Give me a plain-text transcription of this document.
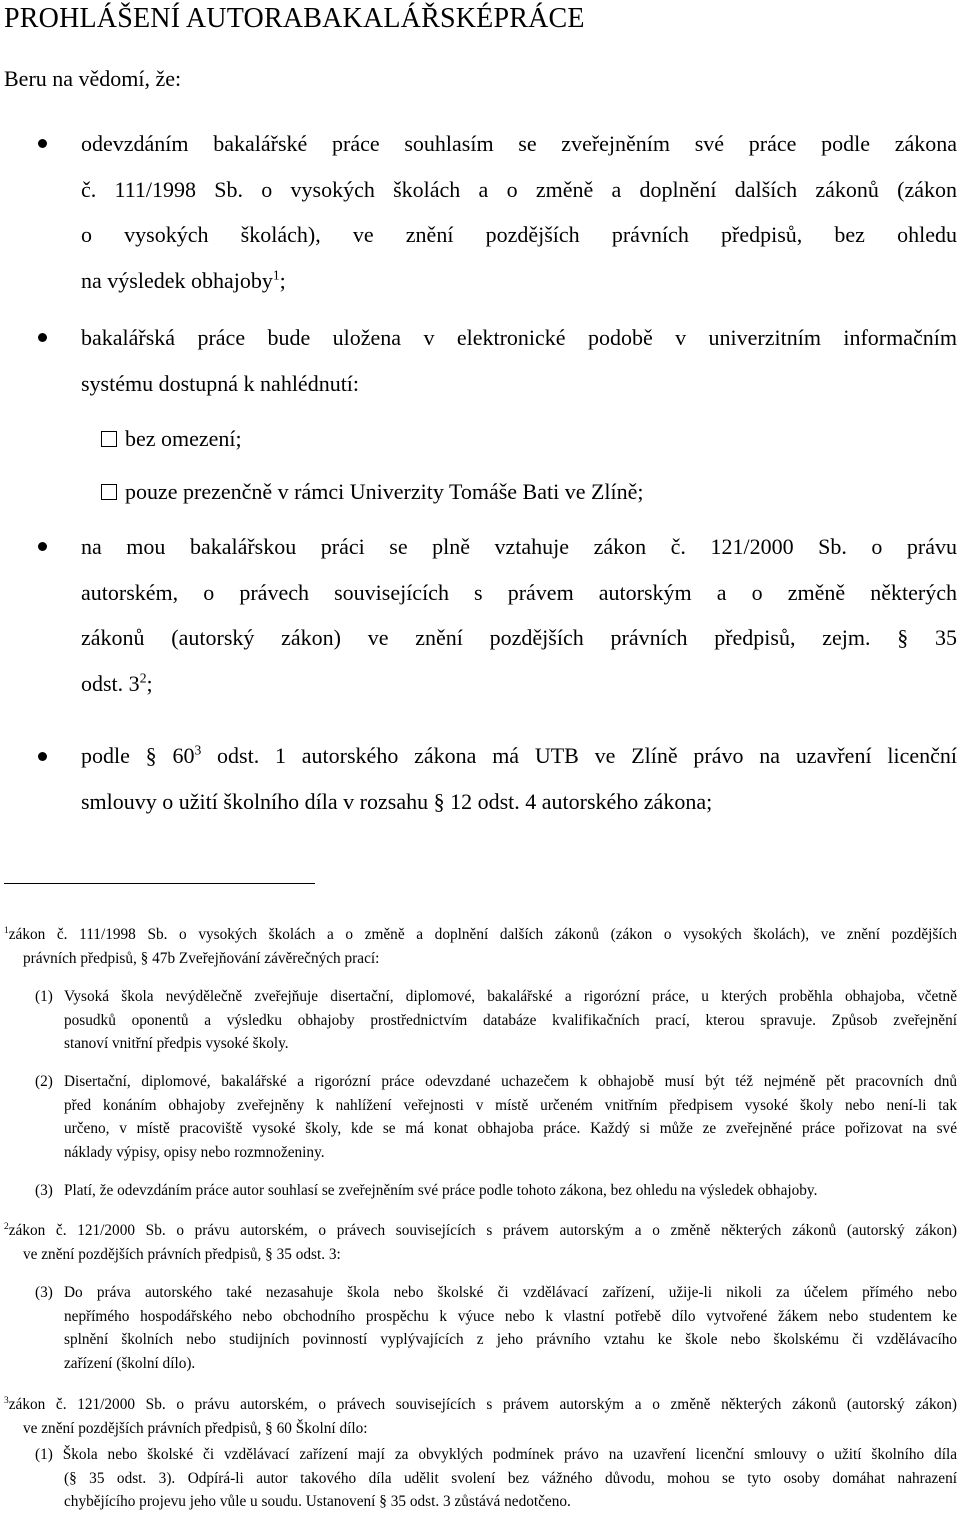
PROHLÁŠENÍ AUTORABAKALÁŘSKÉPRÁCE
Beru na vědomí, že:
odevzdáním bakalářské práce souhlasím se zveřejněním své práce podle zákona
č. 111/1998 Sb. o vysokých školách a o změně a doplnění dalších zákonů (zákon
o vysokých školách), ve znění pozdějších právních předpisů, bez ohledu
na výsledek obhajoby$^1$;
bakalářská práce bude uložena v elektronické podobě v univerzitním informačním
systému dostupná k nahlédnutí:
bez omezení;
pouze prezenčně v rámci Univerzity Tomáše Bati ve Zlíně;
na mou bakalářskou práci se plně vztahuje zákon č. 121/2000 Sb. o právu
autorském, o právech souvisejících s právem autorským a o změně některých
zákonů (autorský zákon) ve znění pozdějších právních předpisů, zejm. § 35
odst. $3^2$;
podle § $60^3$ odst. 1 autorského zákona má UTB ve Zlíně právo na uzavření licenční
smlouvy o užití školního díla v rozsahu § 12 odst. 4 autorského zákona;
$^1$zákon č. 111/1998 Sb. o vysokých školách a o změně a doplnění dalších zákonů (zákon o vysokých školách), ve znění pozdějších
právních předpisů, § 47b Zveřejňování závěrečných prací:
(1) Vysoká škola nevýdělečně zveřejňuje disertační, diplomové, bakalářské a rigorózní práce, u kterých proběhla obhajoba, včetně
posudků oponentů a výsledku obhajoby prostřednictvím databáze kvalifikačních prací, kterou spravuje. Způsob zveřejnění
stanoví vnitřní předpis vysoké školy.
(2) Disertační, diplomové, bakalářské a rigorózní práce odevzdané uchazečem k obhajobě musí být též nejméně pět pracovních dnů
před konáním obhajoby zveřejněny k nahlížení veřejnosti v místě určeném vnitřním předpisem vysoké školy nebo není-li tak
určeno, v místě pracoviště vysoké školy, kde se má konat obhajoba práce. Každý si může ze zveřejněné práce pořizovat na své
náklady výpisy, opisy nebo rozmnoženiny.
(3) Platí, že odevzdáním práce autor souhlasí se zveřejněním své práce podle tohoto zákona, bez ohledu na výsledek obhajoby.
$^2$zákon č. 121/2000 Sb. o právu autorském, o právech souvisejících s právem autorským a o změně některých zákonů (autorský zákon)
ve znění pozdějších právních předpisů, § 35 odst. 3:
(3) Do práva autorského také nezasahuje škola nebo školské či vzdělávací zařízení, užije-li nikoli za účelem přímého nebo
nepřímého hospodářského nebo obchodního prospěchu k výuce nebo k vlastní potřebě dílo vytvořené žákem nebo studentem ke
splnění školních nebo studijních povinností vyplývajících z jeho právního vztahu ke škole nebo školskému či vzdělávacího
zařízení (školní dílo).
$^3$zákon č. 121/2000 Sb. o právu autorském, o právech souvisejících s právem autorským a o změně některých zákonů (autorský zákon)
ve znění pozdějších právních předpisů, § 60 Školní dílo:
(1) Škola nebo školské či vzdělávací zařízení mají za obvyklých podmínek právo na uzavření licenční smlouvy o užití školního díla
(§ 35 odst. 3). Odpírá-li autor takového díla udělit svolení bez vážného důvodu, mohou se tyto osoby domáhat nahrazení
chybějícího projevu jeho vůle u soudu. Ustanovení § 35 odst. 3 zůstává nedotčeno.
